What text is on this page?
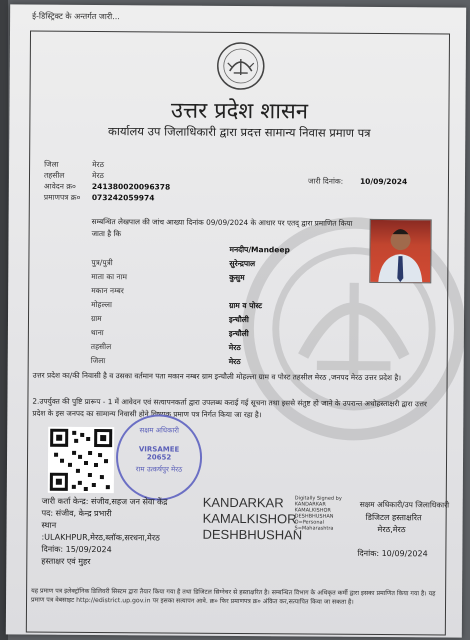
ई-डिस्ट्रिक्ट के अन्तर्गत जारी...
उत्तर प्रदेश शासन
कार्यालय उप जिलाधिकारी द्वारा प्रदत्त सामान्य निवास प्रमाण पत्र
जिला	मेरठ
तहसील	मेरठ
आवेदन क्र० 241380020096378
प्रमाणपत्र क्र० 073242059974
जारी दिनांक: 10/09/2024
सम्बन्धित लेखपाल की जांच आख्या दिनांक 09/09/2024 के आधार पर एतद् द्वारा प्रमाणित किया जाता है कि
मनदीप/Mandeep
पुत्र/पुत्री	सुरेन्द्रपाल
माता का नाम	कुसुम
मकान नम्बर
मोहल्ला	ग्राम व पोस्ट
ग्राम	इन्चौली
थाना	इन्चौली
तहसील	मेरठ
जिला	मेरठ
उत्तर प्रदेश का/की निवासी है व उसका वर्तमान पता मकान नम्बर ग्राम इन्चौली मोहल्ला ग्राम व पोस्ट तहसील मेरठ ,जनपद मेरठ उत्तर प्रदेश है।
2.उपर्युक्त की पुष्टि प्रारूप - 1 में आवेदन एवं सत्यापनकर्ता द्वारा उपलब्ध कराई गई सूचना तथा इससे संतुष्ट हो जाने के उपरान्त अधोहस्ताक्षरी द्वारा उत्तर प्रदेश के इस जनपद का सामान्य निवासी होने विषयक प्रमाण पत्र निर्गत किया जा रहा है।
सक्षम अधिकारी
VIRSAMEE
20652
राम उत्कर्षपुर मेरठ
जारी कर्ता केन्द्र: संजीव,सहज जन सेवा केंद्र
पद: संजीव, केन्द्र प्रभारी
स्थान
:ULAKHPUR,मेरठ,ब्लॉक,सरधना,मेरठ
दिनांक: 15/09/2024
हस्ताक्षर एवं मुहर
KANDARKAR
KAMALKISHOR
DESHBHUSHAN
Digitally Signed by KANDARKAR KAMALKISHOR DESHBHUSHAN O=Personal S=Maharashtra
सक्षम अधिकारी/उप जिलाधिकारी
डिजिटल हस्ताक्षरित
मेरठ,मेरठ
दिनांक: 10/09/2024
यह प्रमाण पत्र इलेक्ट्रॉनिक डिलिवरी सिस्टम द्वारा तैयार किया गया है तथा डिजिटल सिग्नेचर से हस्ताक्षरित है। सम्बन्धित विभाग के अधिकृत कर्मी द्वारा इसका प्रमाणित किया गया है। यह प्रमाण पत्र वेबसाइट http://edistrict.up.gov.in पर इसका सत्यापन आवे. क्र० फिर प्रमाणपत्र क्र० अंकित कर,सत्यापित किया जा सकता है।
